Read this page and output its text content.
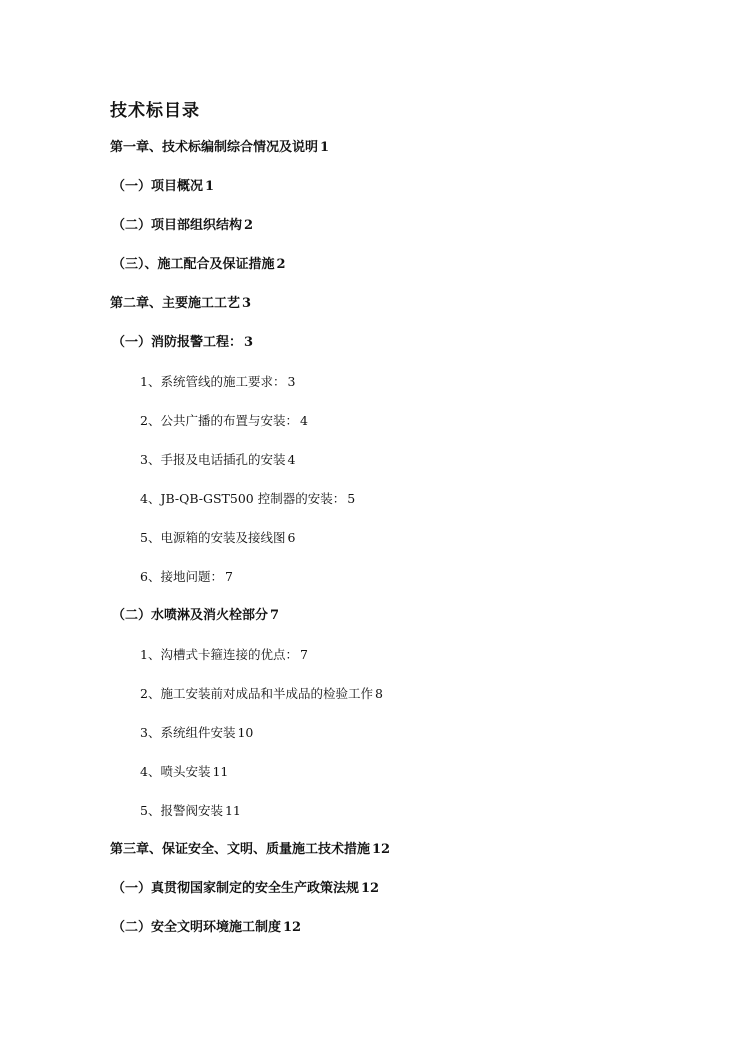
技术标目录
第一章、技术标编制综合情况及说明 1
（一）项目概况 1
（二）项目部组织结构 2
（三）、施工配合及保证措施 2
第二章、主要施工工艺 3
（一）消防报警工程： 3
1、系统管线的施工要求： 3
2、公共广播的布置与安装： 4
3、手报及电话插孔的安装 4
4、JB-QB-GST500 控制器的安装： 5
5、电源箱的安装及接线图 6
6、接地问题： 7
（二）水喷淋及消火栓部分 7
1、沟槽式卡箍连接的优点： 7
2、施工安装前对成品和半成品的检验工作 8
3、系统组件安装 10
4、喷头安装 11
5、报警阀安装 11
第三章、保证安全、文明、质量施工技术措施 12
（一）真贯彻国家制定的安全生产政策法规 12
（二）安全文明环境施工制度 12
